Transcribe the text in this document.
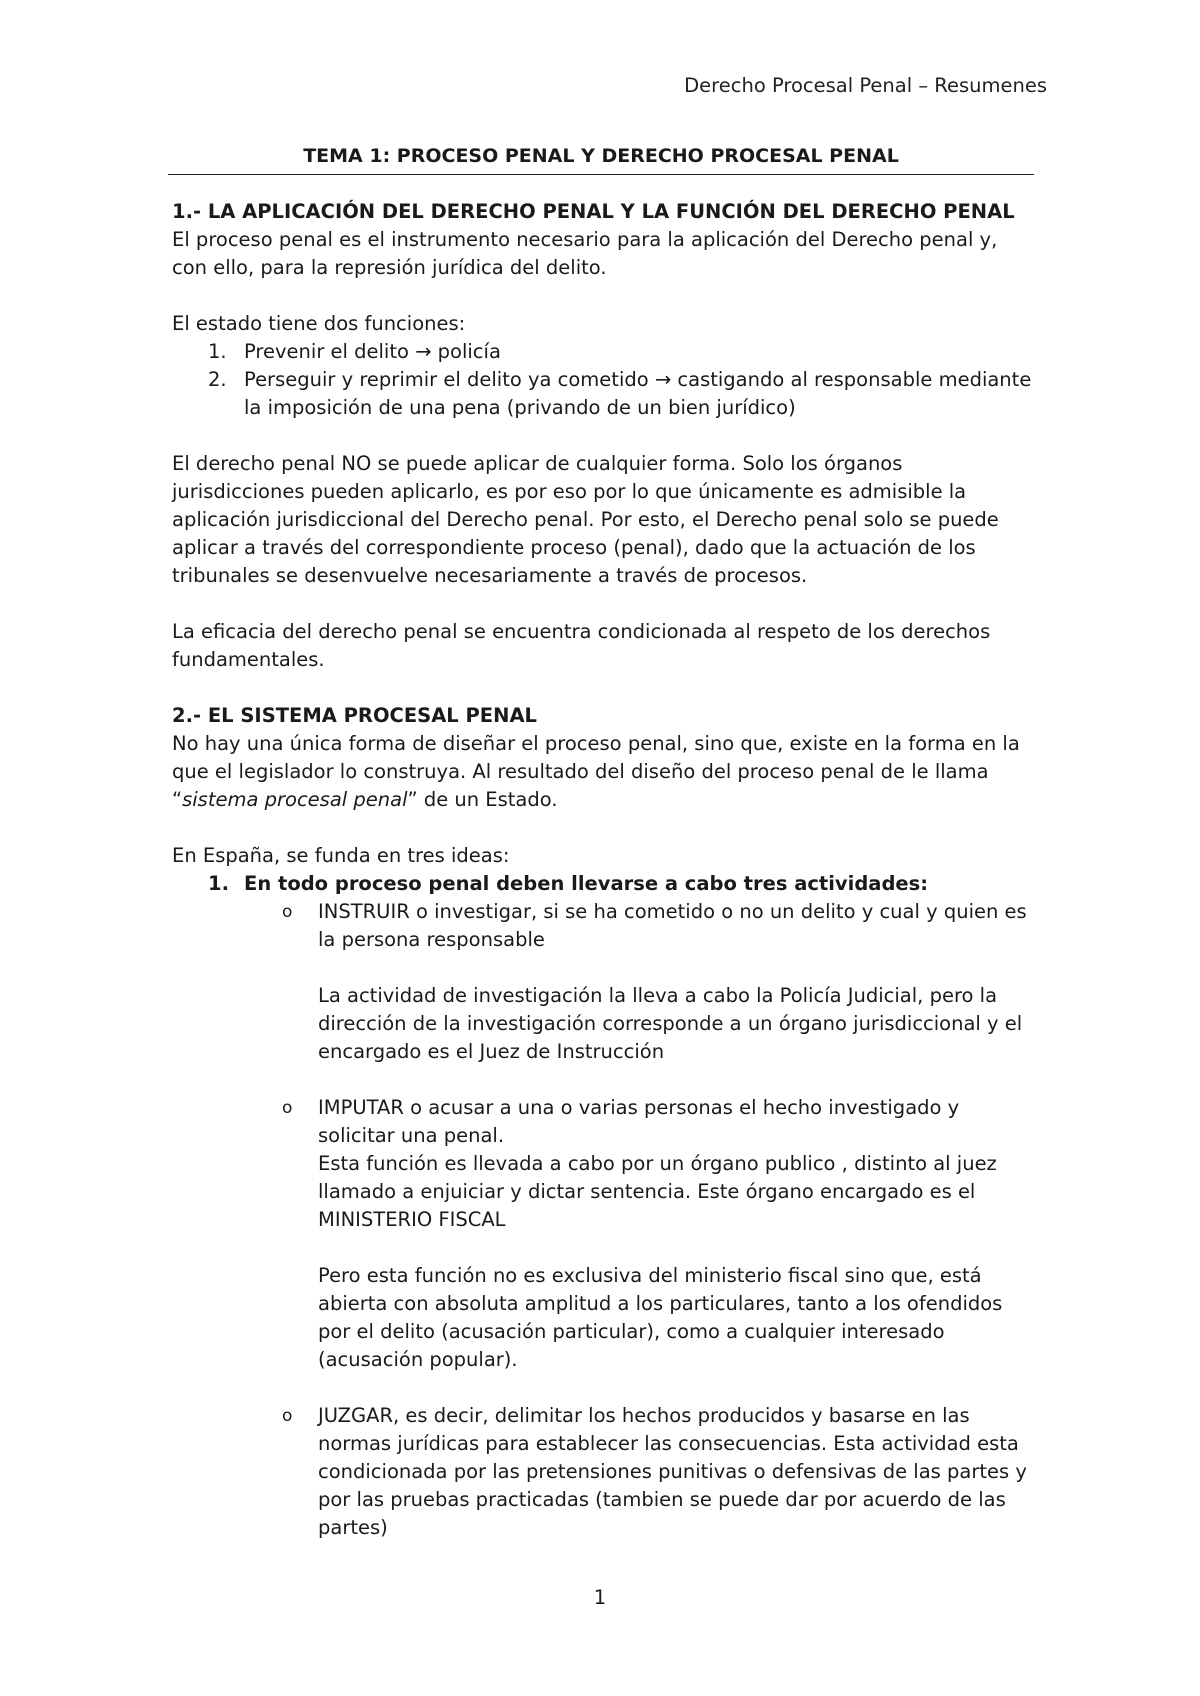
Derecho Procesal Penal – Resumenes
TEMA 1: PROCESO PENAL Y DERECHO PROCESAL PENAL

1.- LA APLICACIÓN DEL DERECHO PENAL Y LA FUNCIÓN DEL DERECHO PENAL

El proceso penal es el instrumento necesario para la aplicación del Derecho penal y, con ello, para la represión jurídica del delito.

El estado tiene dos funciones:

1. Prevenir el delito → policía
2. Perseguir y reprimir el delito ya cometido → castigando al responsable mediante la imposición de una pena (privando de un bien jurídico)

El derecho penal NO se puede aplicar de cualquier forma. Solo los órganos jurisdicciones pueden aplicarlo, es por eso por lo que únicamente es admisible la aplicación jurisdiccional del Derecho penal. Por esto, el Derecho penal solo se puede aplicar a través del correspondiente proceso (penal), dado que la actuación de los tribunales se desenvuelve necesariamente a través de procesos.

La eficacia del derecho penal se encuentra condicionada al respeto de los derechos fundamentales.

2.- EL SISTEMA PROCESAL PENAL

No hay una única forma de diseñar el proceso penal, sino que, existe en la forma en la que el legislador lo construya. Al resultado del diseño del proceso penal de le llama “sistema procesal penal” de un Estado.

En España, se funda en tres ideas:

1. En todo proceso penal deben llevarse a cabo tres actividades:
o INSTRUIR o investigar, si se ha cometido o no un delito y cual y quien es la persona responsable

La actividad de investigación la lleva a cabo la Policía Judicial, pero la dirección de la investigación corresponde a un órgano jurisdiccional y el encargado es el Juez de Instrucción

o IMPUTAR o acusar a una o varias personas el hecho investigado y solicitar una penal.

Esta función es llevada a cabo por un órgano publico , distinto al juez llamado a enjuiciar y dictar sentencia. Este órgano encargado es el MINISTERIO FISCAL

Pero esta función no es exclusiva del ministerio fiscal sino que, está abierta con absoluta amplitud a los particulares, tanto a los ofendidos por el delito (acusación particular), como a cualquier interesado (acusación popular).

o JUZGAR, es decir, delimitar los hechos producidos y basarse en las normas jurídicas para establecer las consecuencias. Esta actividad esta condicionada por las pretensiones punitivas o defensivas de las partes y por las pruebas practicadas (tambien se puede dar por acuerdo de las partes)

1
